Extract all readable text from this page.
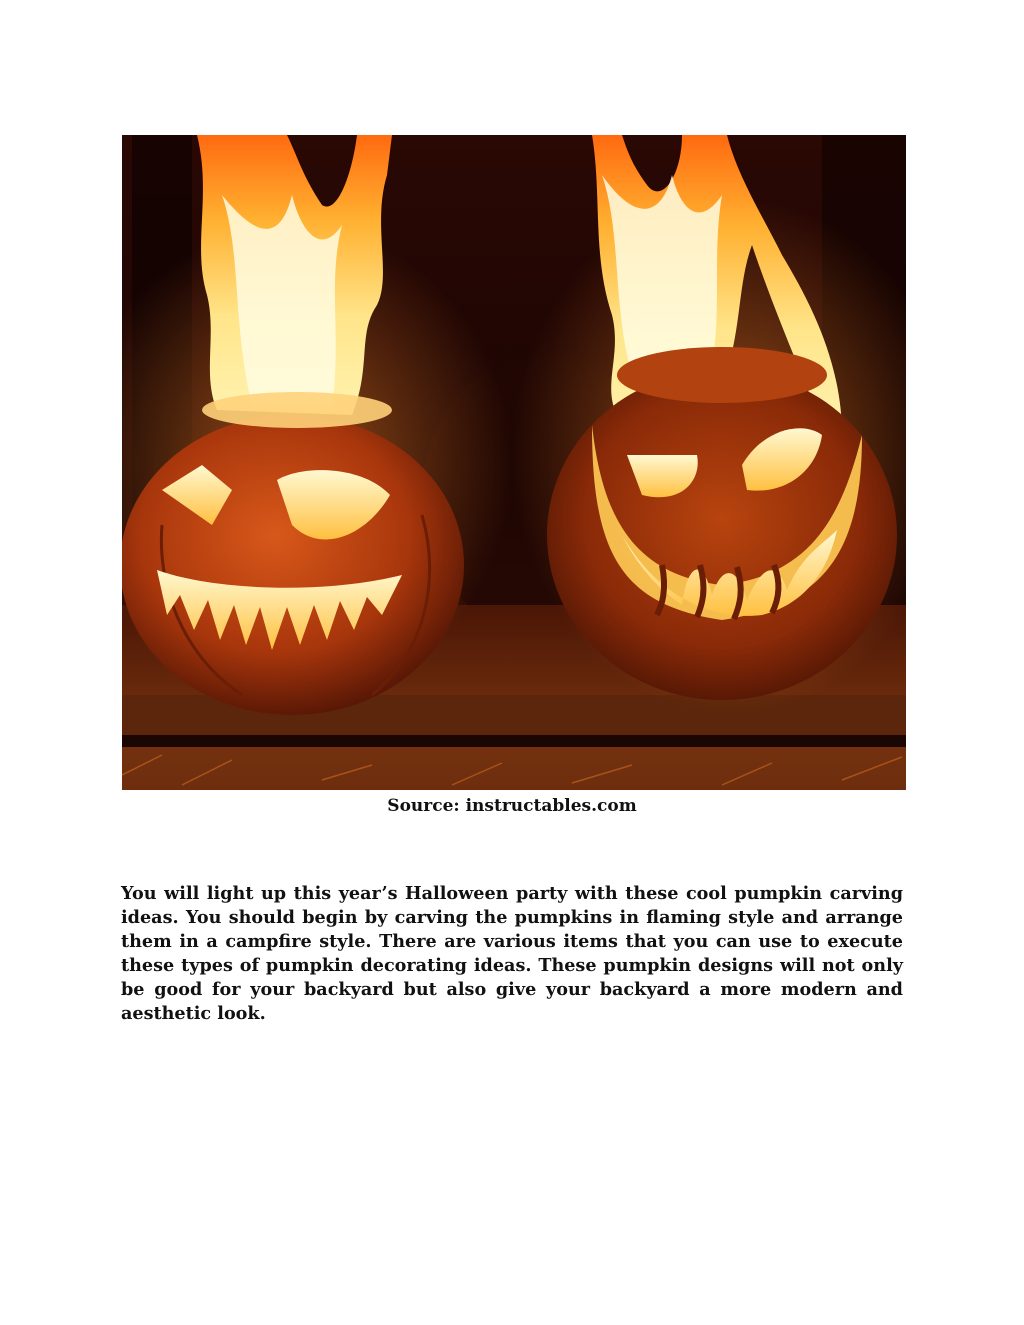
Source: instructables.com

You will light up this year’s Halloween party with these cool pumpkin carving ideas. You should begin by carving the pumpkins in flaming style and arrange them in a campfire style. There are various items that you can use to execute these types of pumpkin decorating ideas. These pumpkin designs will not only be good for your backyard but also give your backyard a more modern and aesthetic look.
